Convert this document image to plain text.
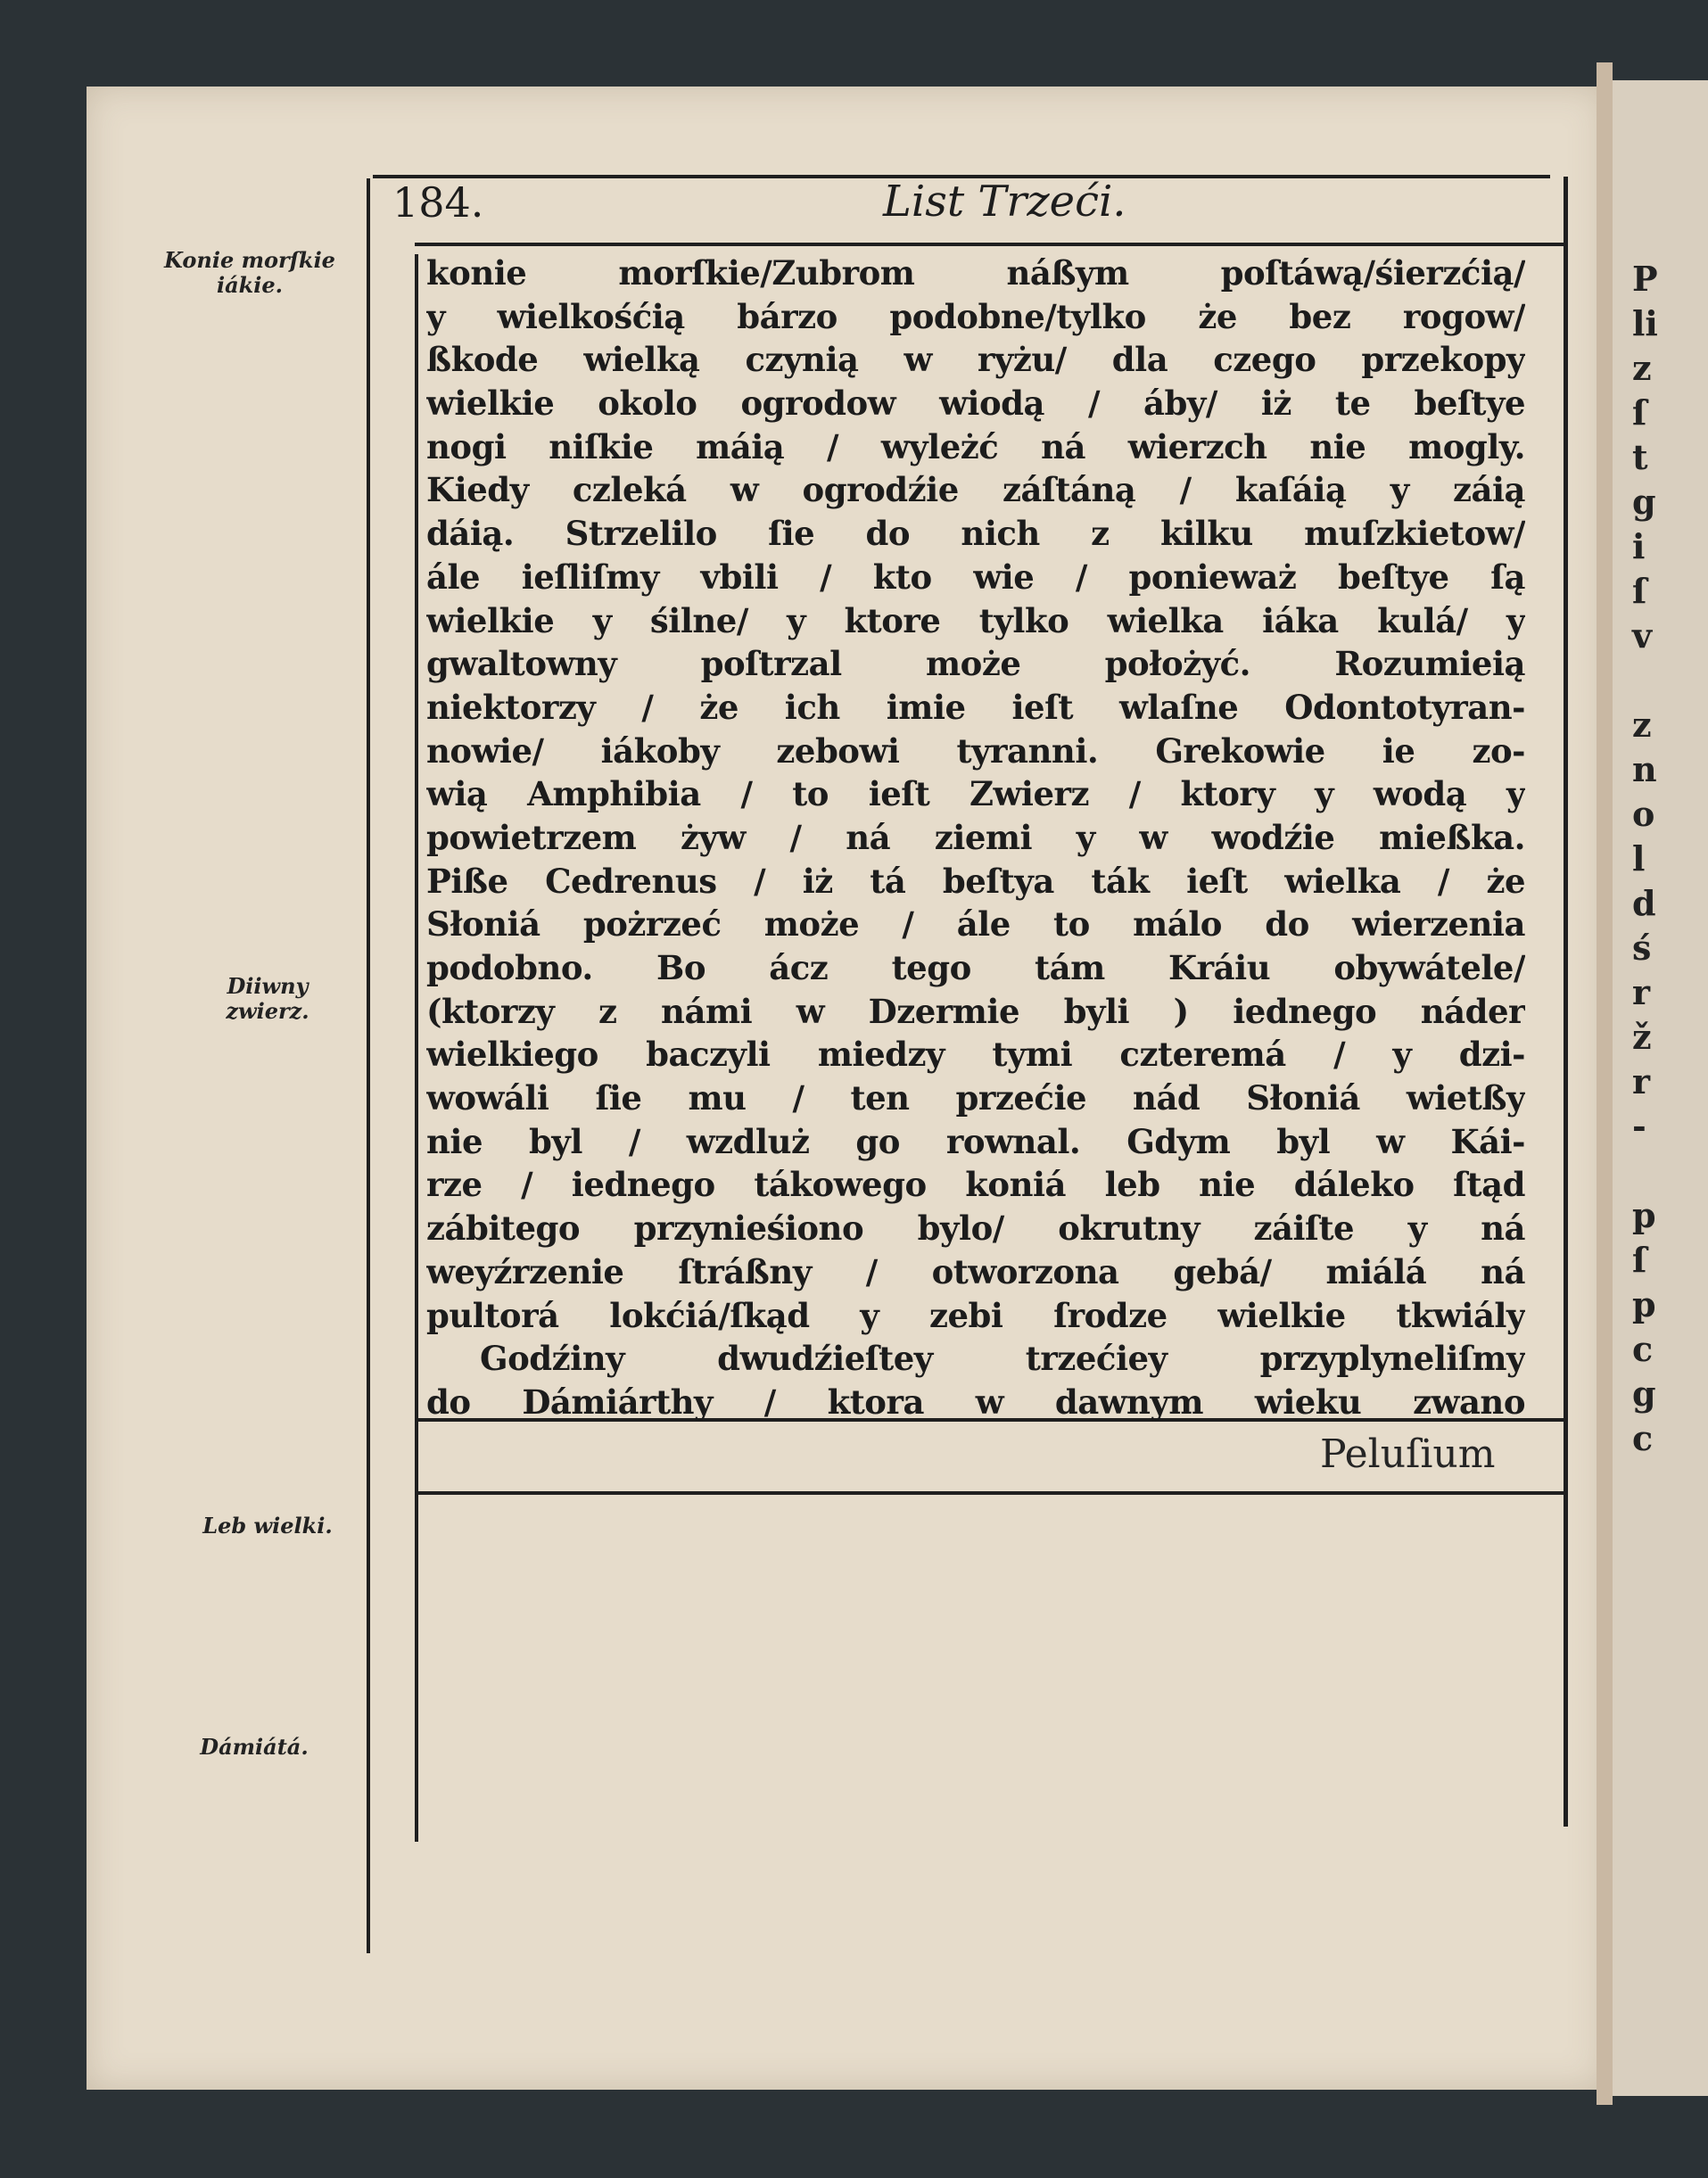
P
li
z
ſ
t
g
i
ſ
v
z
n
o
l
d
ś
r
ž
r
-
p
ſ
p
c
g
c
184.	List Trzeći.
Konie morſkie iákie.
Diiwny zwierz.
Leb wielki.
Dámiátá.
konie morſkie/Zubrom náßym poſtáwą/śierzćią/
y wielkośćią bárzo podobne/tylko że bez rogow/
ßkode wielką czynią w ryżu/ dla czego przekopy
wielkie okolo ogrodow wiodą / áby/ iż te beſtye
nogi niſkie máią / wyleżć ná wierzch nie mogly.
Kiedy czleká w ogrodźie záſtáną / kaſáią y záią
dáią. Strzelilo ſie do nich z kilku muſzkietow/
ále ieſliſmy vbili / kto wie / ponieważ beſtye ſą
wielkie y śilne/ y ktore tylko wielka iáka kulá/ y
gwaltowny poſtrzal może położyć. Rozumieią
niektorzy / że ich imie ieſt wlaſne Odontotyran-
nowie/ iákoby zebowi tyranni. Grekowie ie zo-
wią Amphibia / to ieſt Zwierz / ktory y wodą y
powietrzem żyw / ná ziemi y w wodźie mießka.
Piße Cedrenus / iż tá beſtya ták ieſt wielka / że
Słoniá pożrzeć może / ále to málo do wierzenia
podobno. Bo ácz tego tám Kráiu obywátele/
(ktorzy z námi w Dzermie byli ) iednego náder
wielkiego baczyli miedzy tymi czteremá / y dzi-
wowáli ſie mu / ten przećie nád Słoniá wietßy
nie byl / wzdluż go rownal. Gdym byl w Kái-
rze / iednego tákowego koniá leb nie dáleko ſtąd
zábitego przynieśiono bylo/ okrutny záiſte y ná
weyźrzenie ſtráßny / otworzona gebá/ miálá ná
pultorá lokćiá/ſkąd y zebi ſrodze wielkie tkwiály
Godźiny dwudźieſtey trzećiey przyplyneliſmy
do Dámiárthy / ktora w dawnym wieku zwano
Peluſium
